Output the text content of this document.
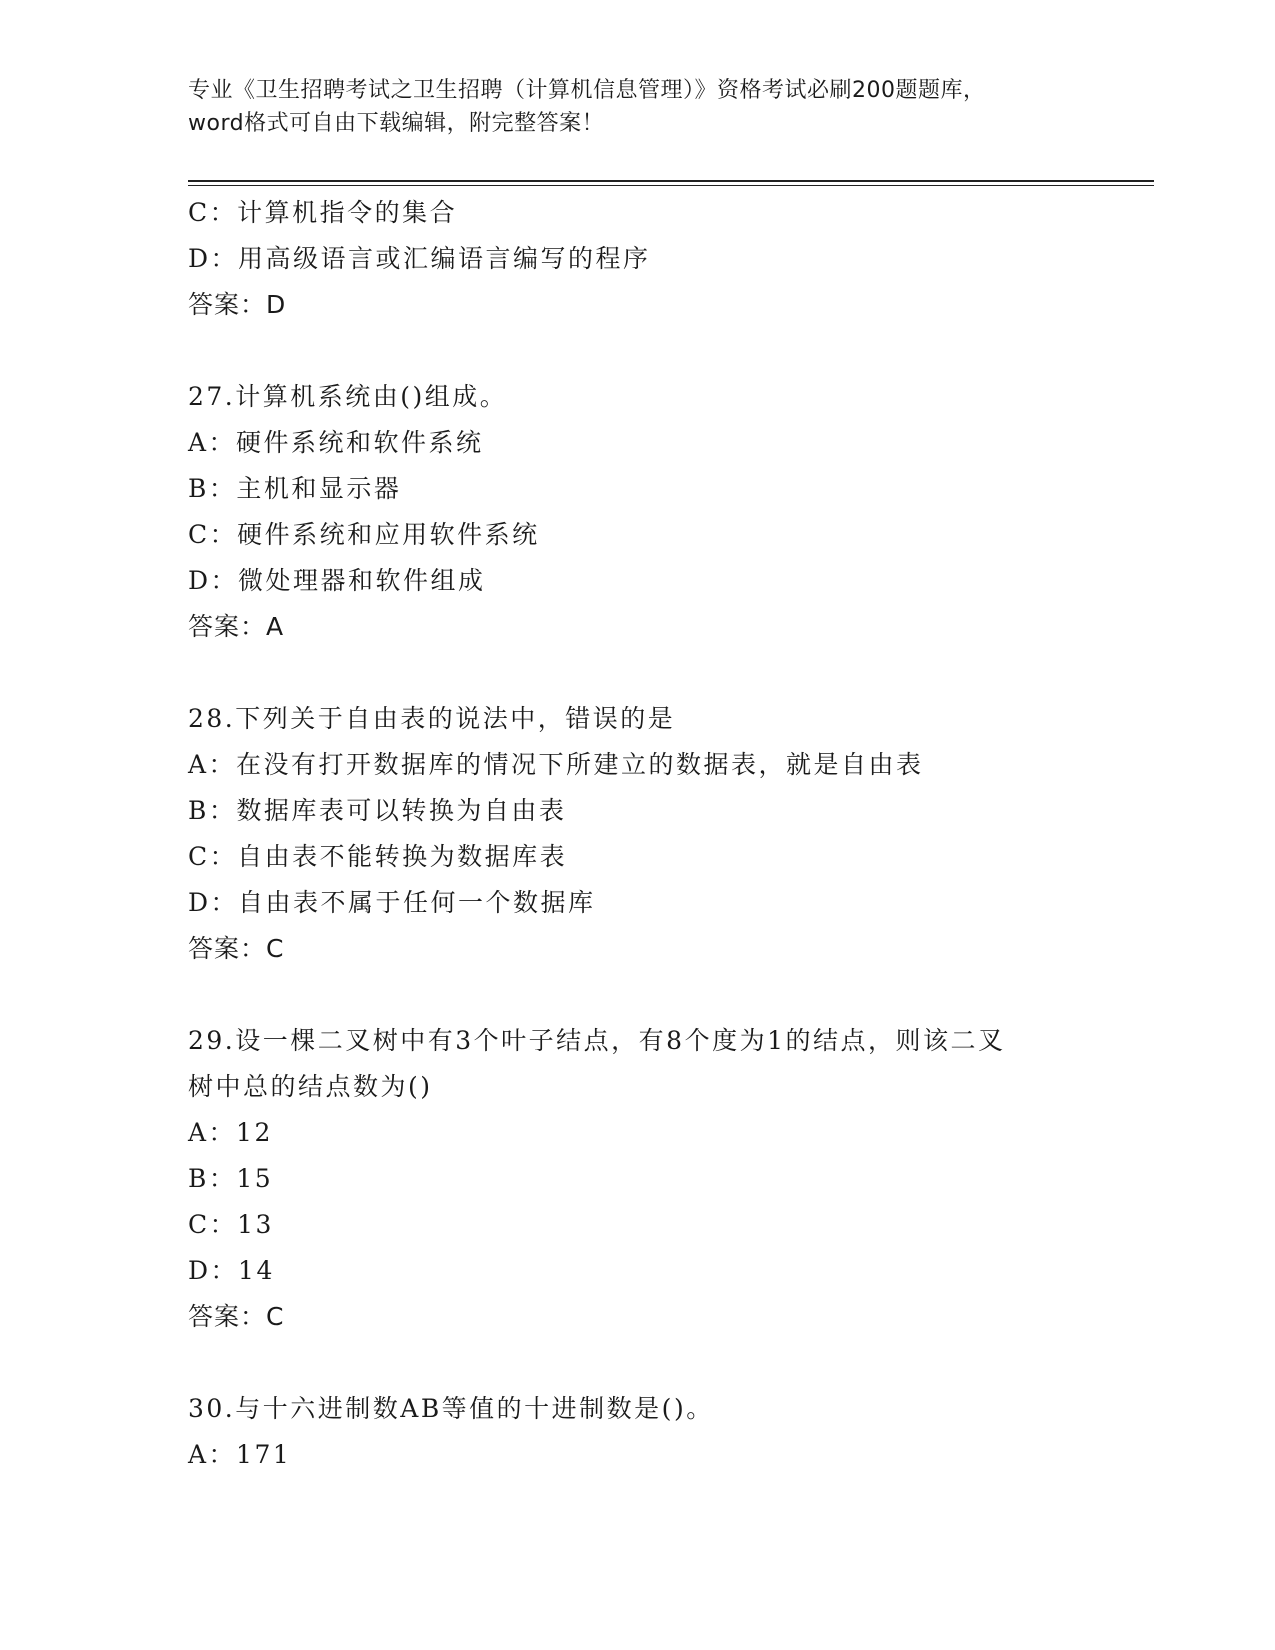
专业《卫生招聘考试之卫生招聘（计算机信息管理）》资格考试必刷200题题库，
word格式可自由下载编辑，附完整答案！
C：计算机指令的集合
D：用高级语言或汇编语言编写的程序
答案：D
27.计算机系统由()组成。
A：硬件系统和软件系统
B：主机和显示器
C：硬件系统和应用软件系统
D：微处理器和软件组成
答案：A
28.下列关于自由表的说法中，错误的是
A：在没有打开数据库的情况下所建立的数据表，就是自由表
B：数据库表可以转换为自由表
C：自由表不能转换为数据库表
D：自由表不属于任何一个数据库
答案：C
29.设一棵二叉树中有3个叶子结点，有8个度为1的结点，则该二叉
树中总的结点数为()
A：12
B：15
C：13
D：14
答案：C
30.与十六进制数AB等值的十进制数是()。
A：171
